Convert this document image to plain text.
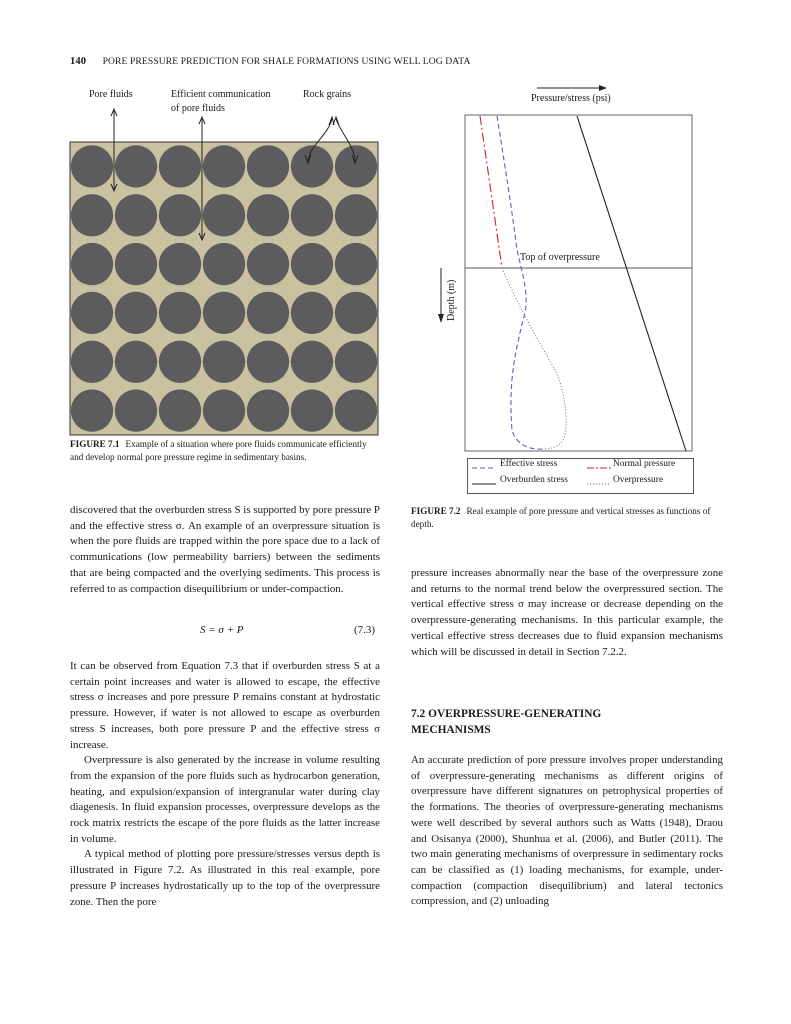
140 PORE PRESSURE PREDICTION FOR SHALE FORMATIONS USING WELL LOG DATA
Pore fluids	Efficient communication
of pore fluids
Rock grains
FIGURE 7.1 Example of a situation where pore fluids communicate efficiently and develop normal pore pressure regime in sedimentary basins.
Pressure/stress (psi)
Depth (m)
Top of overpressure
Effective stress	Normal pressure
Overburden stress	Overpressure
FIGURE 7.2 Real example of pore pressure and vertical stresses as functions of depth.

discovered that the overburden stress S is supported by pore pressure P and the effective stress σ. An example of an overpressure situation is when the pore fluids are trapped within the pore space due to a lack of communications (low permeability barriers) between the sediments that are being compacted and the overlying sediments. This process is referred to as compaction disequilibrium or under-compaction.

S = σ + P	(7.3)

It can be observed from Equation 7.3 that if overburden stress S at a certain point increases and water is allowed to escape, the effective stress σ increases and pore pressure P remains constant at hydrostatic pressure. However, if water is not allowed to escape as overburden stress S increases, both pore pressure P and the effective stress σ increase.

Overpressure is also generated by the increase in volume resulting from the expansion of the pore fluids such as hydrocarbon generation, heating, and expulsion/expansion of intergranular water during clay diagenesis. In fluid expansion processes, overpressure develops as the rock matrix restricts the escape of the pore fluids as the latter increase in volume.

A typical method of plotting pore pressure/stresses versus depth is illustrated in Figure 7.2. As illustrated in this real example, pore pressure P increases hydrostatically up to the top of the overpressure zone. Then the pore

pressure increases abnormally near the base of the overpressure zone and returns to the normal trend below the overpressured section. The vertical effective stress σ may increase or decrease depending on the overpressure-generating mechanisms. In this particular example, the vertical effective stress decreases due to fluid expansion mechanisms which will be discussed in detail in Section 7.2.2.

7.2 OVERPRESSURE-GENERATING
MECHANISMS

An accurate prediction of pore pressure involves proper understanding of overpressure-generating mechanisms as different origins of overpressure have different signatures on petrophysical properties of the formations. The theories of overpressure-generating mechanisms were well described by several authors such as Watts (1948), Draou and Osisanya (2000), Shunhua et al. (2006), and Butler (2011). The two main generating mechanisms of overpressure in sedimentary rocks can be classified as (1) loading mechanisms, for example, under-compaction (compaction disequilibrium) and lateral tectonics compression, and (2) unloading
